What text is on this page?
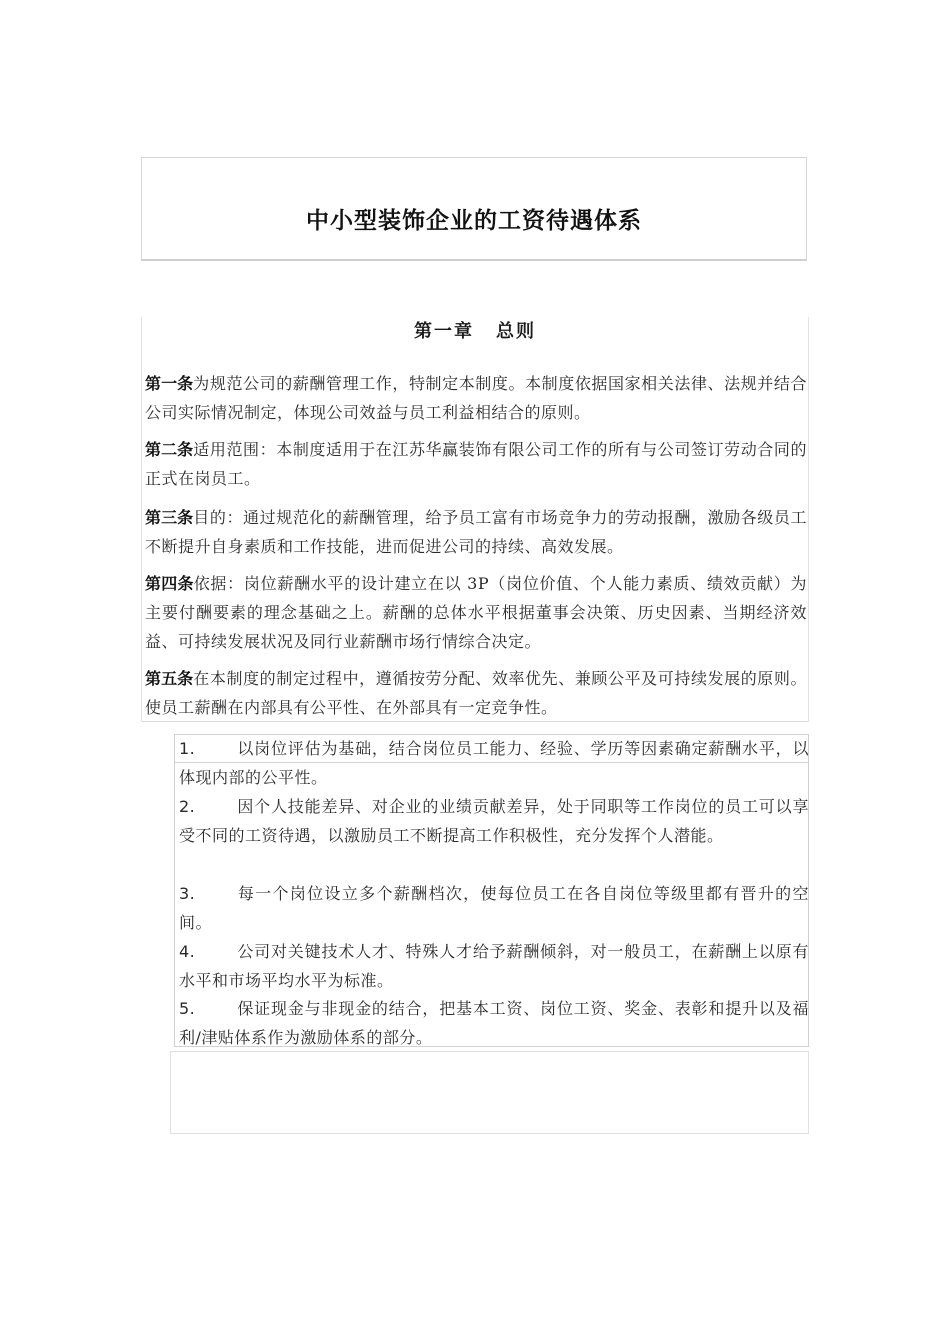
中小型装饰企业的工资待遇体系
第一章 总则
第一条为规范公司的薪酬管理工作，特制定本制度。本制度依据国家相关法律、法规并结合公司实际情况制定，体现公司效益与员工利益相结合的原则。
第二条适用范围：本制度适用于在江苏华赢装饰有限公司工作的所有与公司签订劳动合同的正式在岗员工。
第三条目的：通过规范化的薪酬管理，给予员工富有市场竞争力的劳动报酬，激励各级员工不断提升自身素质和工作技能，进而促进公司的持续、高效发展。
第四条依据：岗位薪酬水平的设计建立在以 3P（岗位价值、个人能力素质、绩效贡献）为主要付酬要素的理念基础之上。薪酬的总体水平根据董事会决策、历史因素、当期经济效益、可持续发展状况及同行业薪酬市场行情综合决定。
第五条在本制度的制定过程中，遵循按劳分配、效率优先、兼顾公平及可持续发展的原则。使员工薪酬在内部具有公平性、在外部具有一定竞争性。
1.	以岗位评估为基础，结合岗位员工能力、经验、学历等因素确定薪酬水平，以体现内部的公平性。
2.	因个人技能差异、对企业的业绩贡献差异，处于同职等工作岗位的员工可以享受不同的工资待遇，以激励员工不断提高工作积极性，充分发挥个人潜能。
3.	每一个岗位设立多个薪酬档次，使每位员工在各自岗位等级里都有晋升的空间。
4.	公司对关键技术人才、特殊人才给予薪酬倾斜，对一般员工，在薪酬上以原有水平和市场平均水平为标准。
5.	保证现金与非现金的结合，把基本工资、岗位工资、奖金、表彰和提升以及福利/津贴体系作为激励体系的部分。
